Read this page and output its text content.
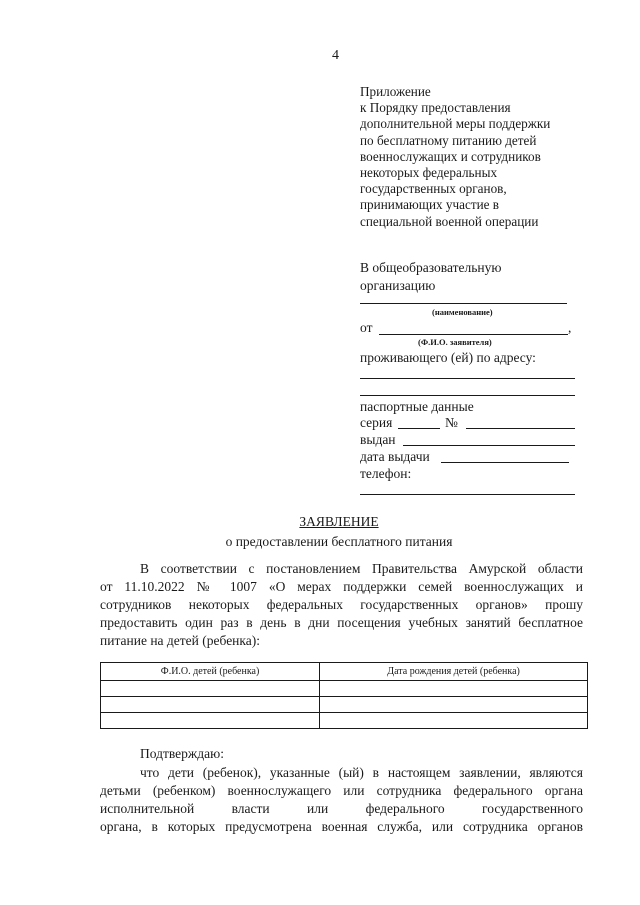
4
Приложение
к Порядку предоставления
дополнительной меры поддержки
по бесплатному питанию детей
военнослужащих и сотрудников
некоторых федеральных
государственных органов,
принимающих участие в
специальной военной операции
В общеобразовательную
организацию
(наименование)
от	,
(Ф.И.О. заявителя)
проживающего (ей) по адресу:
паспортные данные
серия	№
выдан
дата выдачи
телефон:
ЗАЯВЛЕНИЕ
о предоставлении бесплатного питания
В соответствии с постановлением Правительства Амурской области
от 11.10.2022 № 1007 «О мерах поддержки семей военнослужащих и
сотрудников некоторых федеральных государственных органов» прошу
предоставить один раз в день в дни посещения учебных занятий бесплатное
питание на детей (ребенка):
Ф.И.О. детей (ребенка)	Дата рождения детей (ребенка)

Подтверждаю:
что дети (ребенок), указанные (ый) в настоящем заявлении, являются
детьми (ребенком) военнослужащего или сотрудника федерального органа
исполнительной власти или федерального государственного
органа, в которых предусмотрена военная служба, или сотрудника органов
